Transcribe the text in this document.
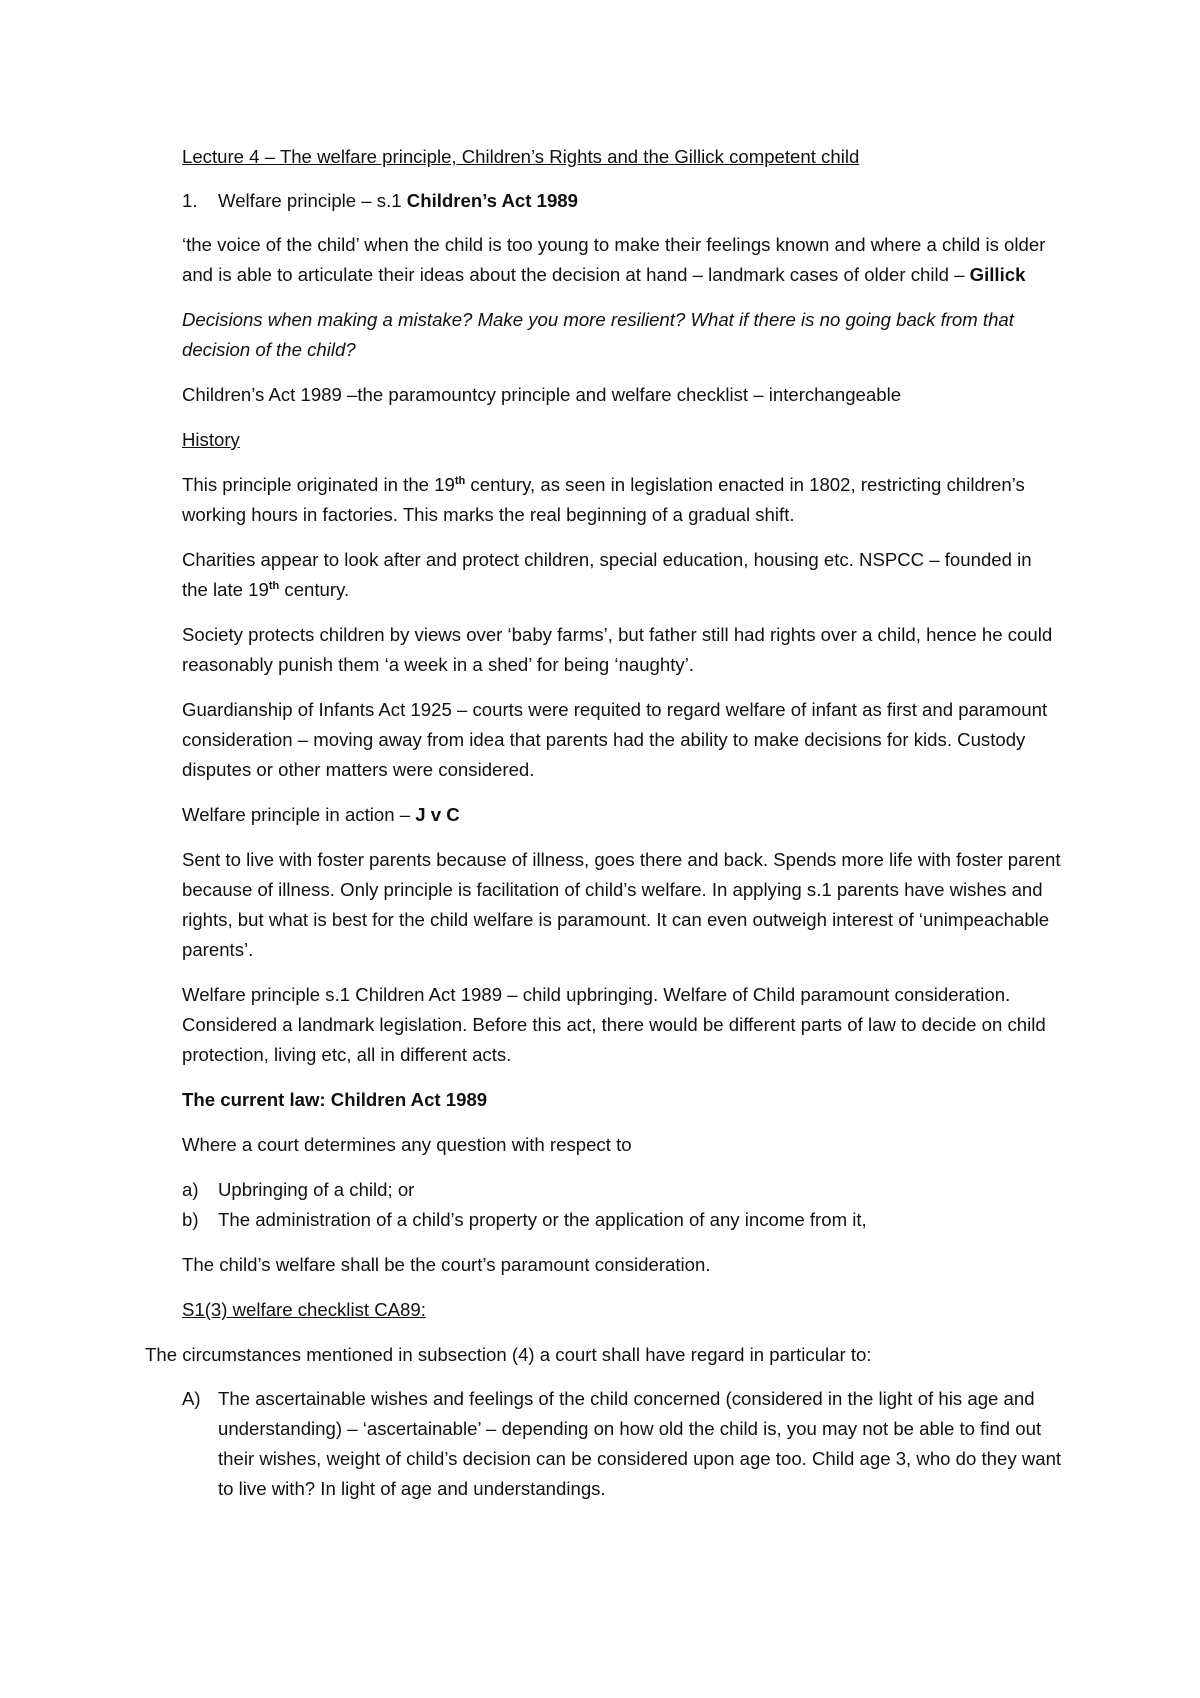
Lecture 4 – The welfare principle, Children’s Rights and the Gillick competent child

1.	Welfare principle – s.1 Children’s Act 1989

‘the voice of the child’ when the child is too young to make their feelings known and where a child is older and is able to articulate their ideas about the decision at hand – landmark cases of older child – Gillick

Decisions when making a mistake? Make you more resilient? What if there is no going back from that decision of the child?

Children’s Act 1989 –the paramountcy principle and welfare checklist – interchangeable

History

This principle originated in the 19th century, as seen in legislation enacted in 1802, restricting children’s working hours in factories. This marks the real beginning of a gradual shift.

Charities appear to look after and protect children, special education, housing etc. NSPCC – founded in the late 19th century.

Society protects children by views over ‘baby farms’, but father still had rights over a child, hence he could reasonably punish them ‘a week in a shed’ for being ‘naughty’.

Guardianship of Infants Act 1925 – courts were requited to regard welfare of infant as first and paramount consideration – moving away from idea that parents had the ability to make decisions for kids. Custody disputes or other matters were considered.

Welfare principle in action – J v C

Sent to live with foster parents because of illness, goes there and back. Spends more life with foster parent because of illness. Only principle is facilitation of child’s welfare. In applying s.1 parents have wishes and rights, but what is best for the child welfare is paramount. It can even outweigh interest of ‘unimpeachable parents’.

Welfare principle s.1 Children Act 1989 – child upbringing. Welfare of Child paramount consideration. Considered a landmark legislation. Before this act, there would be different parts of law to decide on child protection, living etc, all in different acts.

The current law: Children Act 1989

Where a court determines any question with respect to

a)	Upbringing of a child; or
b)	The administration of a child’s property or the application of any income from it,

The child’s welfare shall be the court’s paramount consideration.

S1(3) welfare checklist CA89:

The circumstances mentioned in subsection (4) a court shall have regard in particular to:

A) The ascertainable wishes and feelings of the child concerned (considered in the light of his age and understanding) – ‘ascertainable’ – depending on how old the child is, you may not be able to find out their wishes, weight of child’s decision can be considered upon age too. Child age 3, who do they want to live with? In light of age and understandings.
